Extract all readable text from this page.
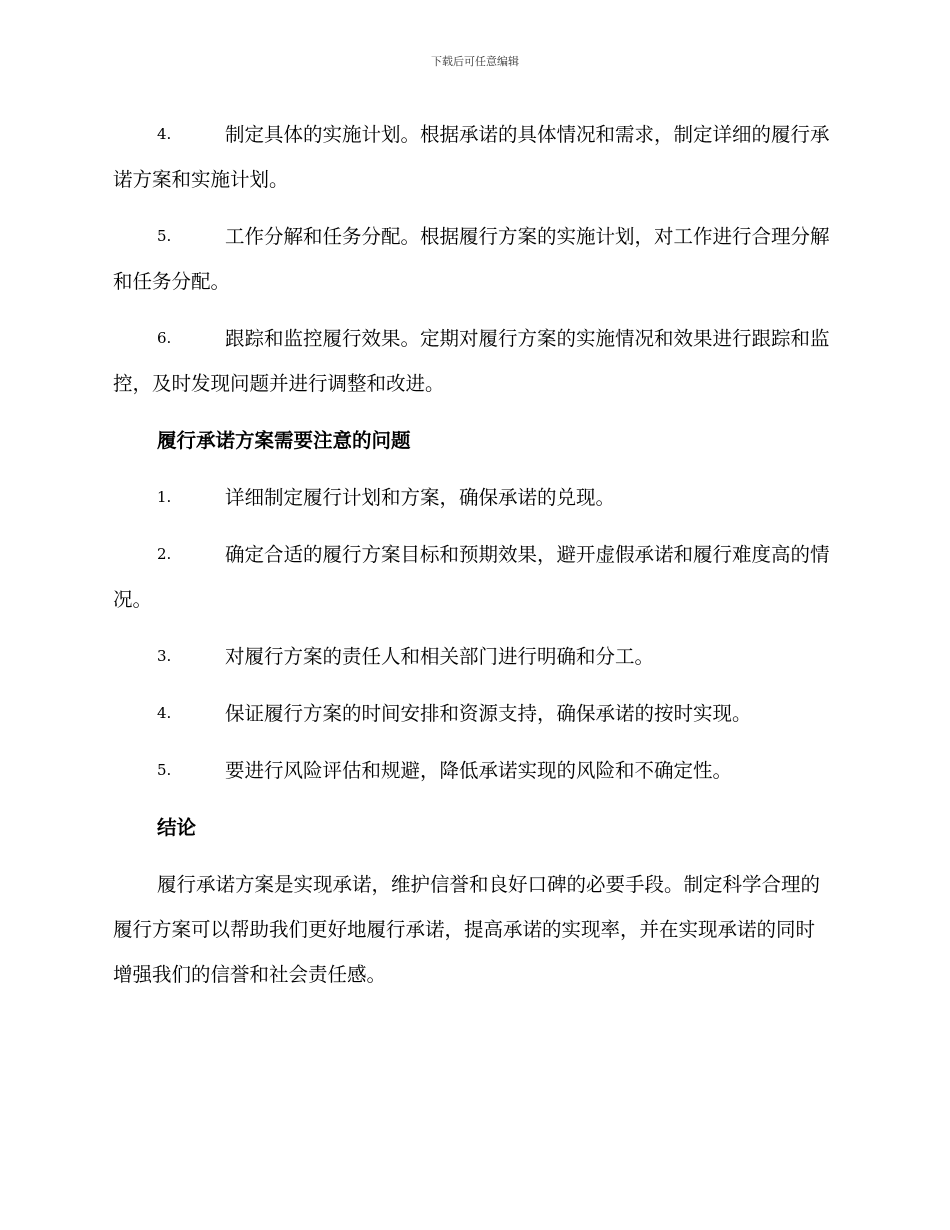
下载后可任意编辑
4.	制定具体的实施计划。根据承诺的具体情况和需求，制定详细的履行承诺方案和实施计划。

5.	工作分解和任务分配。根据履行方案的实施计划，对工作进行合理分解和任务分配。

6.	跟踪和监控履行效果。定期对履行方案的实施情况和效果进行跟踪和监控，及时发现问题并进行调整和改进。

履行承诺方案需要注意的问题
1.	详细制定履行计划和方案，确保承诺的兑现。

2.	确定合适的履行方案目标和预期效果，避开虚假承诺和履行难度高的情况。

3.	对履行方案的责任人和相关部门进行明确和分工。

4.	保证履行方案的时间安排和资源支持，确保承诺的按时实现。

5.	要进行风险评估和规避，降低承诺实现的风险和不确定性。

结论

履行承诺方案是实现承诺，维护信誉和良好口碑的必要手段。制定科学合理的履行方案可以帮助我们更好地履行承诺，提高承诺的实现率，并在实现承诺的同时增强我们的信誉和社会责任感。
